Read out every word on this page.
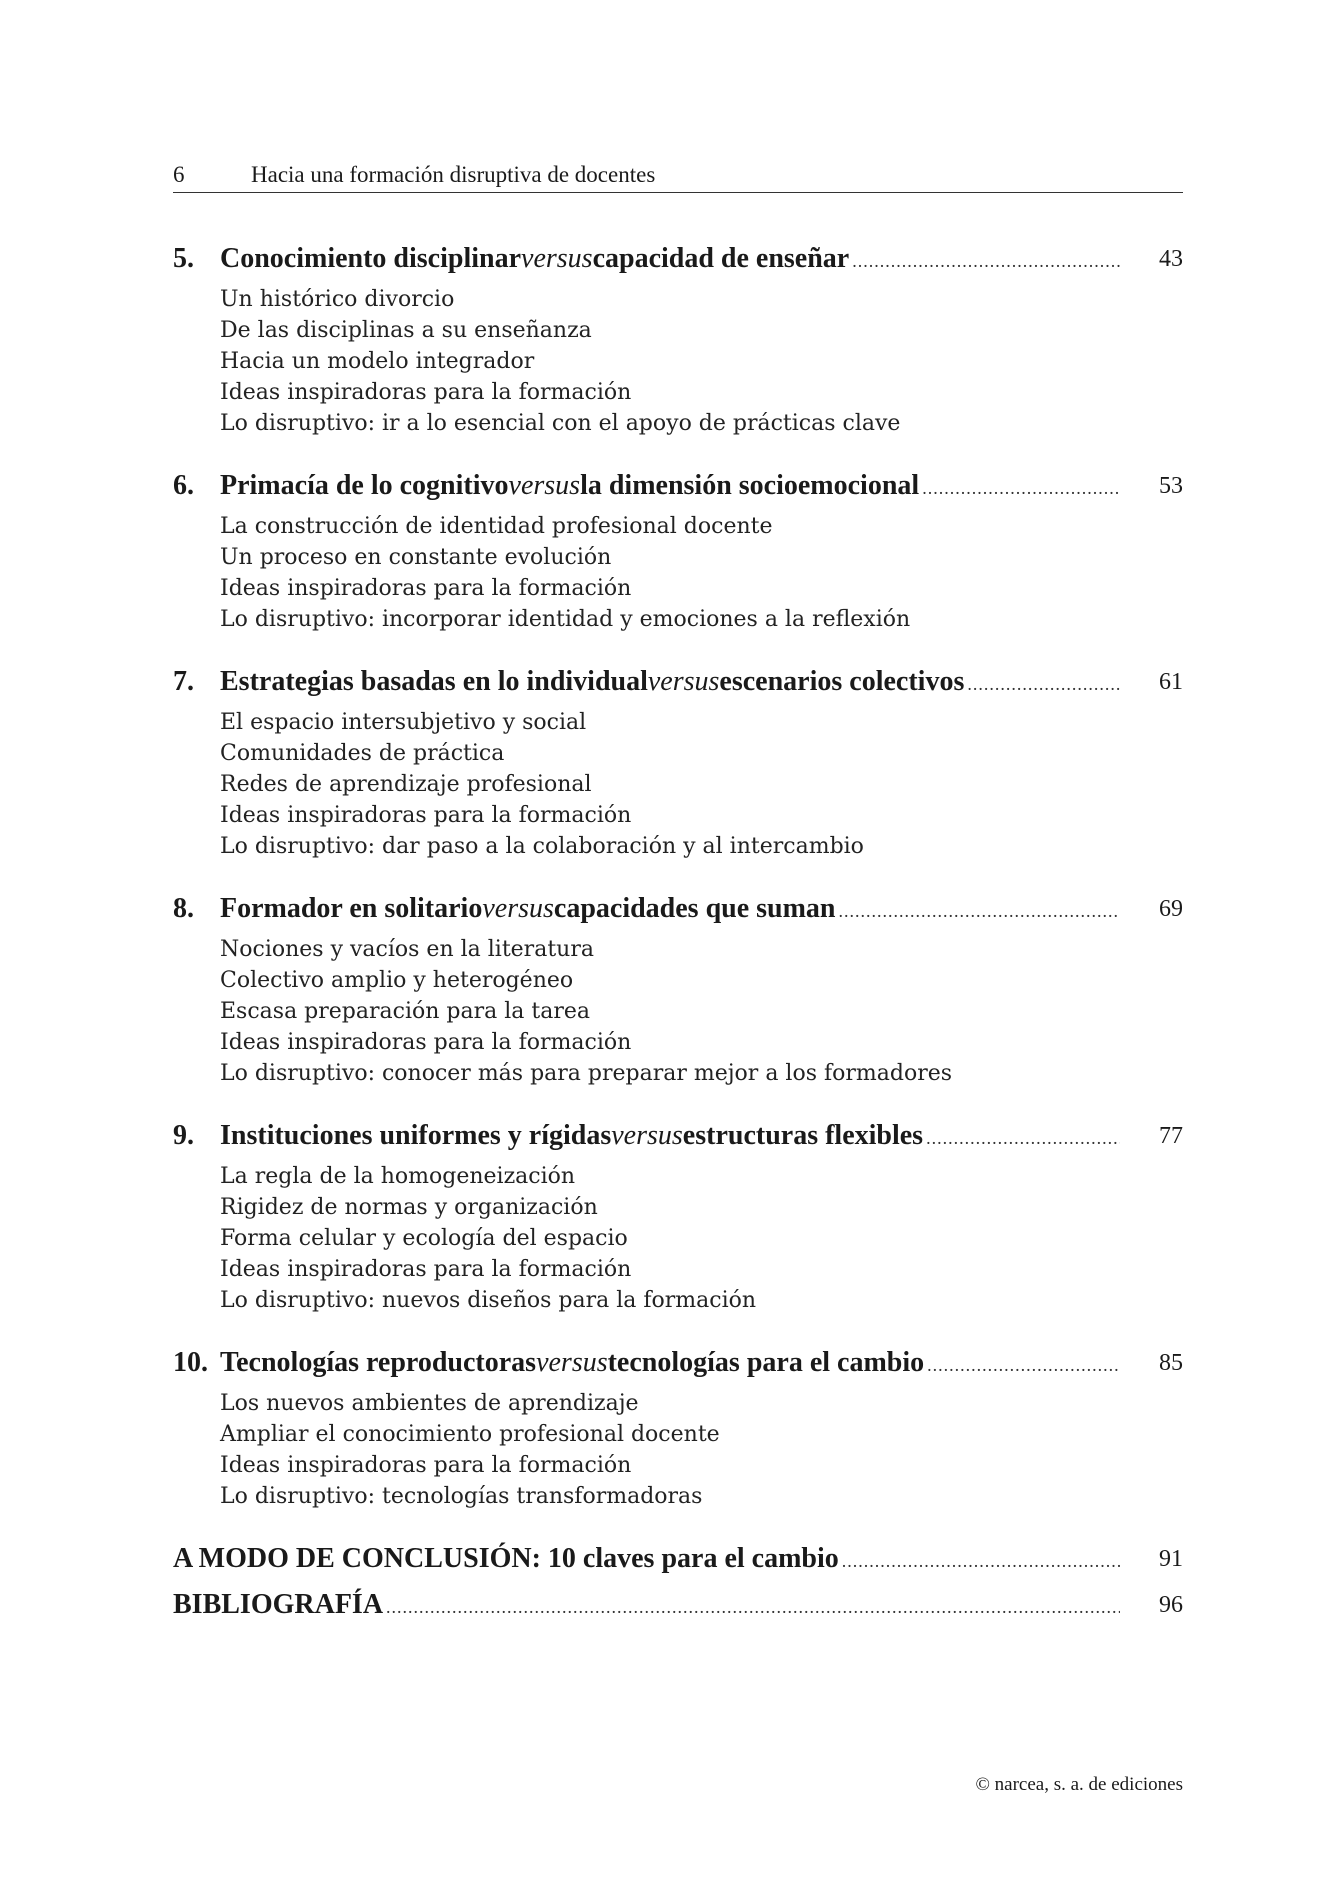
6	Hacia una formación disruptiva de docentes
5. Conocimiento disciplinar versus capacidad de enseñar .....	43
Un histórico divorcio
De las disciplinas a su enseñanza
Hacia un modelo integrador
Ideas inspiradoras para la formación
Lo disruptivo: ir a lo esencial con el apoyo de prácticas clave
6. Primacía de lo cognitivo versus la dimensión socioemocional .....	53
La construcción de identidad profesional docente
Un proceso en constante evolución
Ideas inspiradoras para la formación
Lo disruptivo: incorporar identidad y emociones a la reflexión
7. Estrategias basadas en lo individual versus escenarios colectivos .....	61
El espacio intersubjetivo y social
Comunidades de práctica
Redes de aprendizaje profesional
Ideas inspiradoras para la formación
Lo disruptivo: dar paso a la colaboración y al intercambio
8. Formador en solitario versus capacidades que suman .....	69
Nociones y vacíos en la literatura
Colectivo amplio y heterogéneo
Escasa preparación para la tarea
Ideas inspiradoras para la formación
Lo disruptivo: conocer más para preparar mejor a los formadores
9. Instituciones uniformes y rígidas versus estructuras flexibles .....	77
La regla de la homogeneización
Rigidez de normas y organización
Forma celular y ecología del espacio
Ideas inspiradoras para la formación
Lo disruptivo: nuevos diseños para la formación
10. Tecnologías reproductoras versus tecnologías para el cambio .....	85
Los nuevos ambientes de aprendizaje
Ampliar el conocimiento profesional docente
Ideas inspiradoras para la formación
Lo disruptivo: tecnologías transformadoras
A MODO DE CONCLUSIÓN: 10 claves para el cambio .....	91
BIBLIOGRAFÍA .....	96
© narcea, s. a. de ediciones
